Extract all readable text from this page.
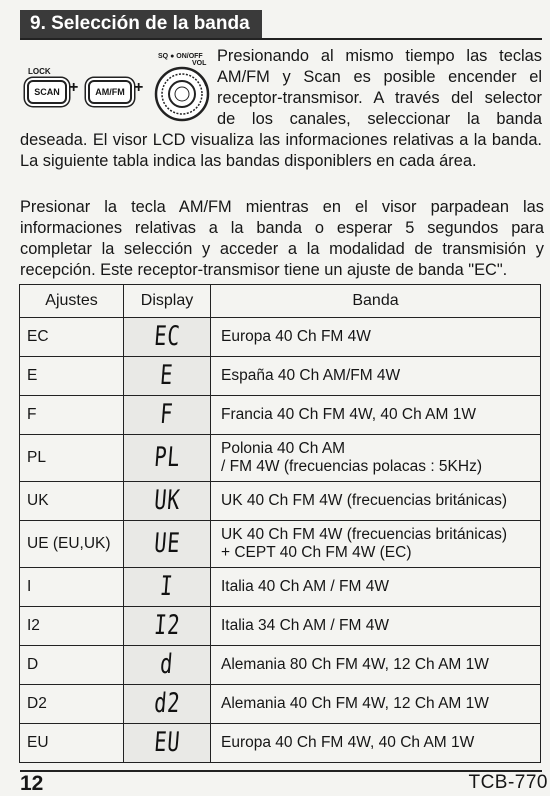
9. Selección de la banda
LOCK
SCAN +	AM/FM +
SQ ● ON/OFF
VOL Presionando al mismo tiempo las teclas
AM/FM y Scan es posible encender el
receptor-transmisor. A través del selector
de los canales, seleccionar la banda
deseada. El visor LCD visualiza las informaciones relativas a la banda. La siguiente tabla indica las bandas disponiblers en cada área.
Presionar la tecla AM/FM mientras en el visor parpadean las informaciones relativas a la banda o esperar 5 segundos para completar la selección y acceder a la modalidad de transmisión y recepción. Este receptor-transmisor tiene un ajuste de banda "EC".
Ajustes	Display	Banda
EC	EC	Europa 40 Ch FM 4W
E	E	España 40 Ch AM/FM 4W
F	F	Francia 40 Ch FM 4W, 40 Ch AM 1W
PL	PL	Polonia 40 Ch AM
/ FM 4W (frecuencias polacas : 5KHz)

UK	UK	UK 40 Ch FM 4W (frecuencias británicas)
UE (EU,UK)	UE	UK 40 Ch FM 4W (frecuencias británicas)
+ CEPT 40 Ch FM 4W (EC)

I	I	Italia 40 Ch AM / FM 4W
I2	I2	Italia 34 Ch AM / FM 4W
D	d	Alemania 80 Ch FM 4W, 12 Ch AM 1W
D2	d2	Alemania 40 Ch FM 4W, 12 Ch AM 1W
EU	EU	Europa 40 Ch FM 4W, 40 Ch AM 1W
12	TCB-770
